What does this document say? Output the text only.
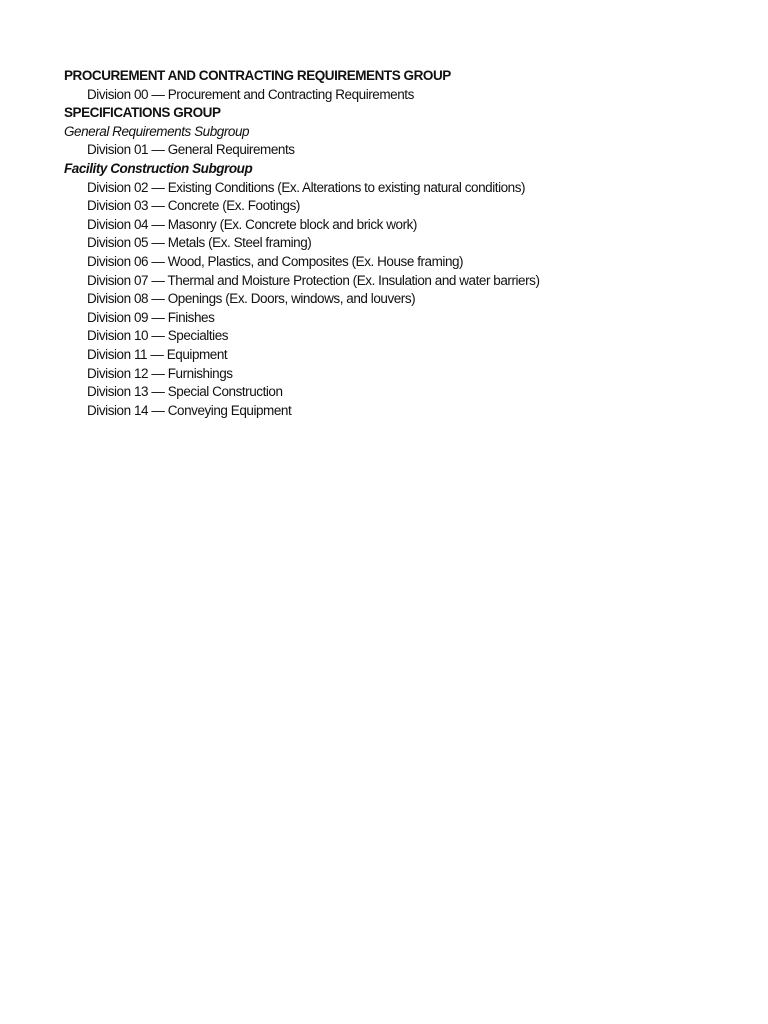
PROCUREMENT AND CONTRACTING REQUIREMENTS GROUP
Division 00 — Procurement and Contracting Requirements
SPECIFICATIONS GROUP
General Requirements Subgroup
Division 01 — General Requirements
Facility Construction Subgroup
Division 02 — Existing Conditions (Ex. Alterations to existing natural conditions)
Division 03 — Concrete (Ex. Footings)
Division 04 — Masonry (Ex. Concrete block and brick work)
Division 05 — Metals (Ex. Steel framing)
Division 06 — Wood, Plastics, and Composites (Ex. House framing)
Division 07 — Thermal and Moisture Protection (Ex. Insulation and water barriers)
Division 08 — Openings (Ex. Doors, windows, and louvers)
Division 09 — Finishes
Division 10 — Specialties
Division 11 — Equipment
Division 12 — Furnishings
Division 13 — Special Construction
Division 14 — Conveying Equipment
